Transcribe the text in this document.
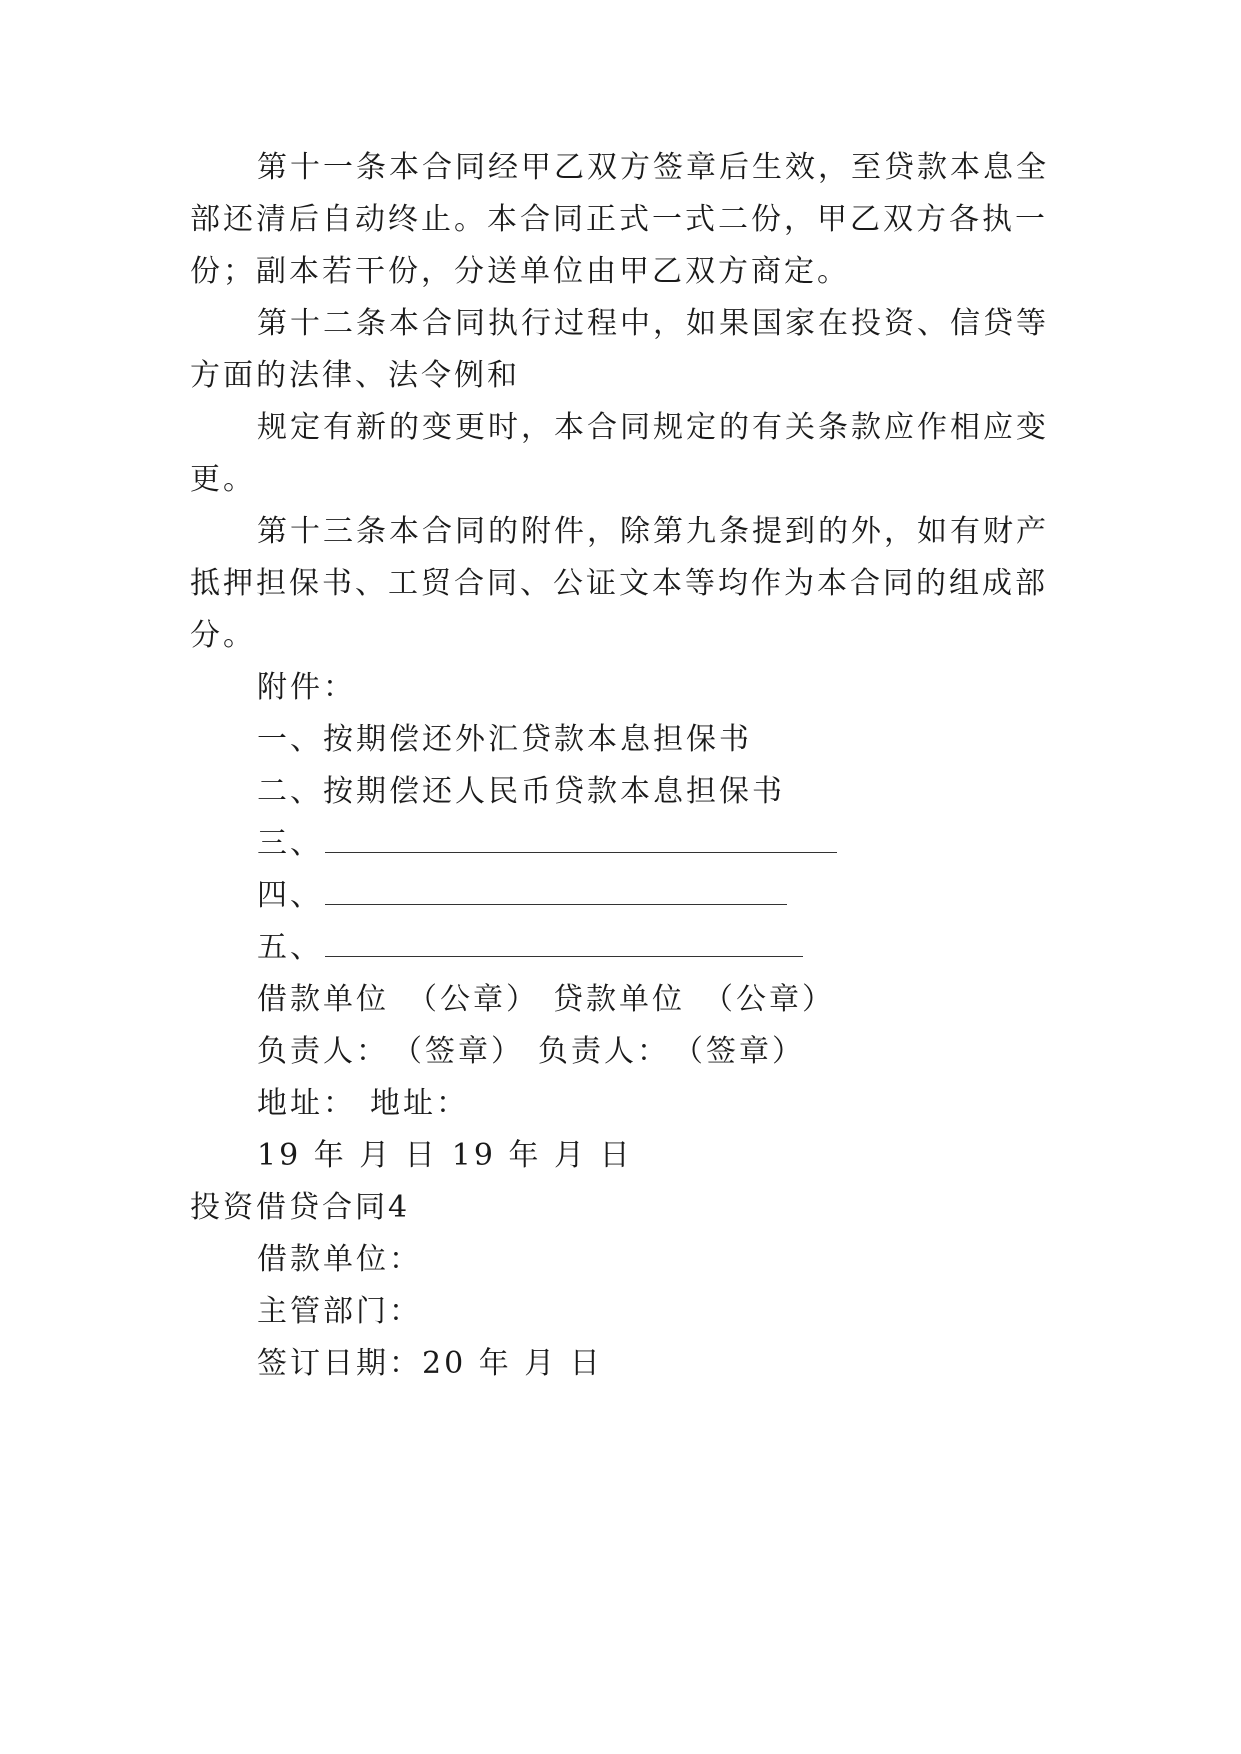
第十一条本合同经甲乙双方签章后生效，至贷款本息全

部还清后自动终止。本合同正式一式二份，甲乙双方各执一

份；副本若干份，分送单位由甲乙双方商定。

第十二条本合同执行过程中，如果国家在投资、信贷等

方面的法律、法令例和

规定有新的变更时，本合同规定的有关条款应作相应变

更。

第十三条本合同的附件，除第九条提到的外，如有财产

抵押担保书、工贸合同、公证文本等均作为本合同的组成部

分。

附件：

一、按期偿还外汇贷款本息担保书

二、按期偿还人民币贷款本息担保书

三、
四、
五、
借款单位　（公章） 贷款单位　（公章）
负责人：　（签章） 负责人：　（签章）
地址： 地址：
19 年 月 日 19 年 月 日

投资借贷合同4

借款单位：

主管部门：

签订日期：20 年 月 日
